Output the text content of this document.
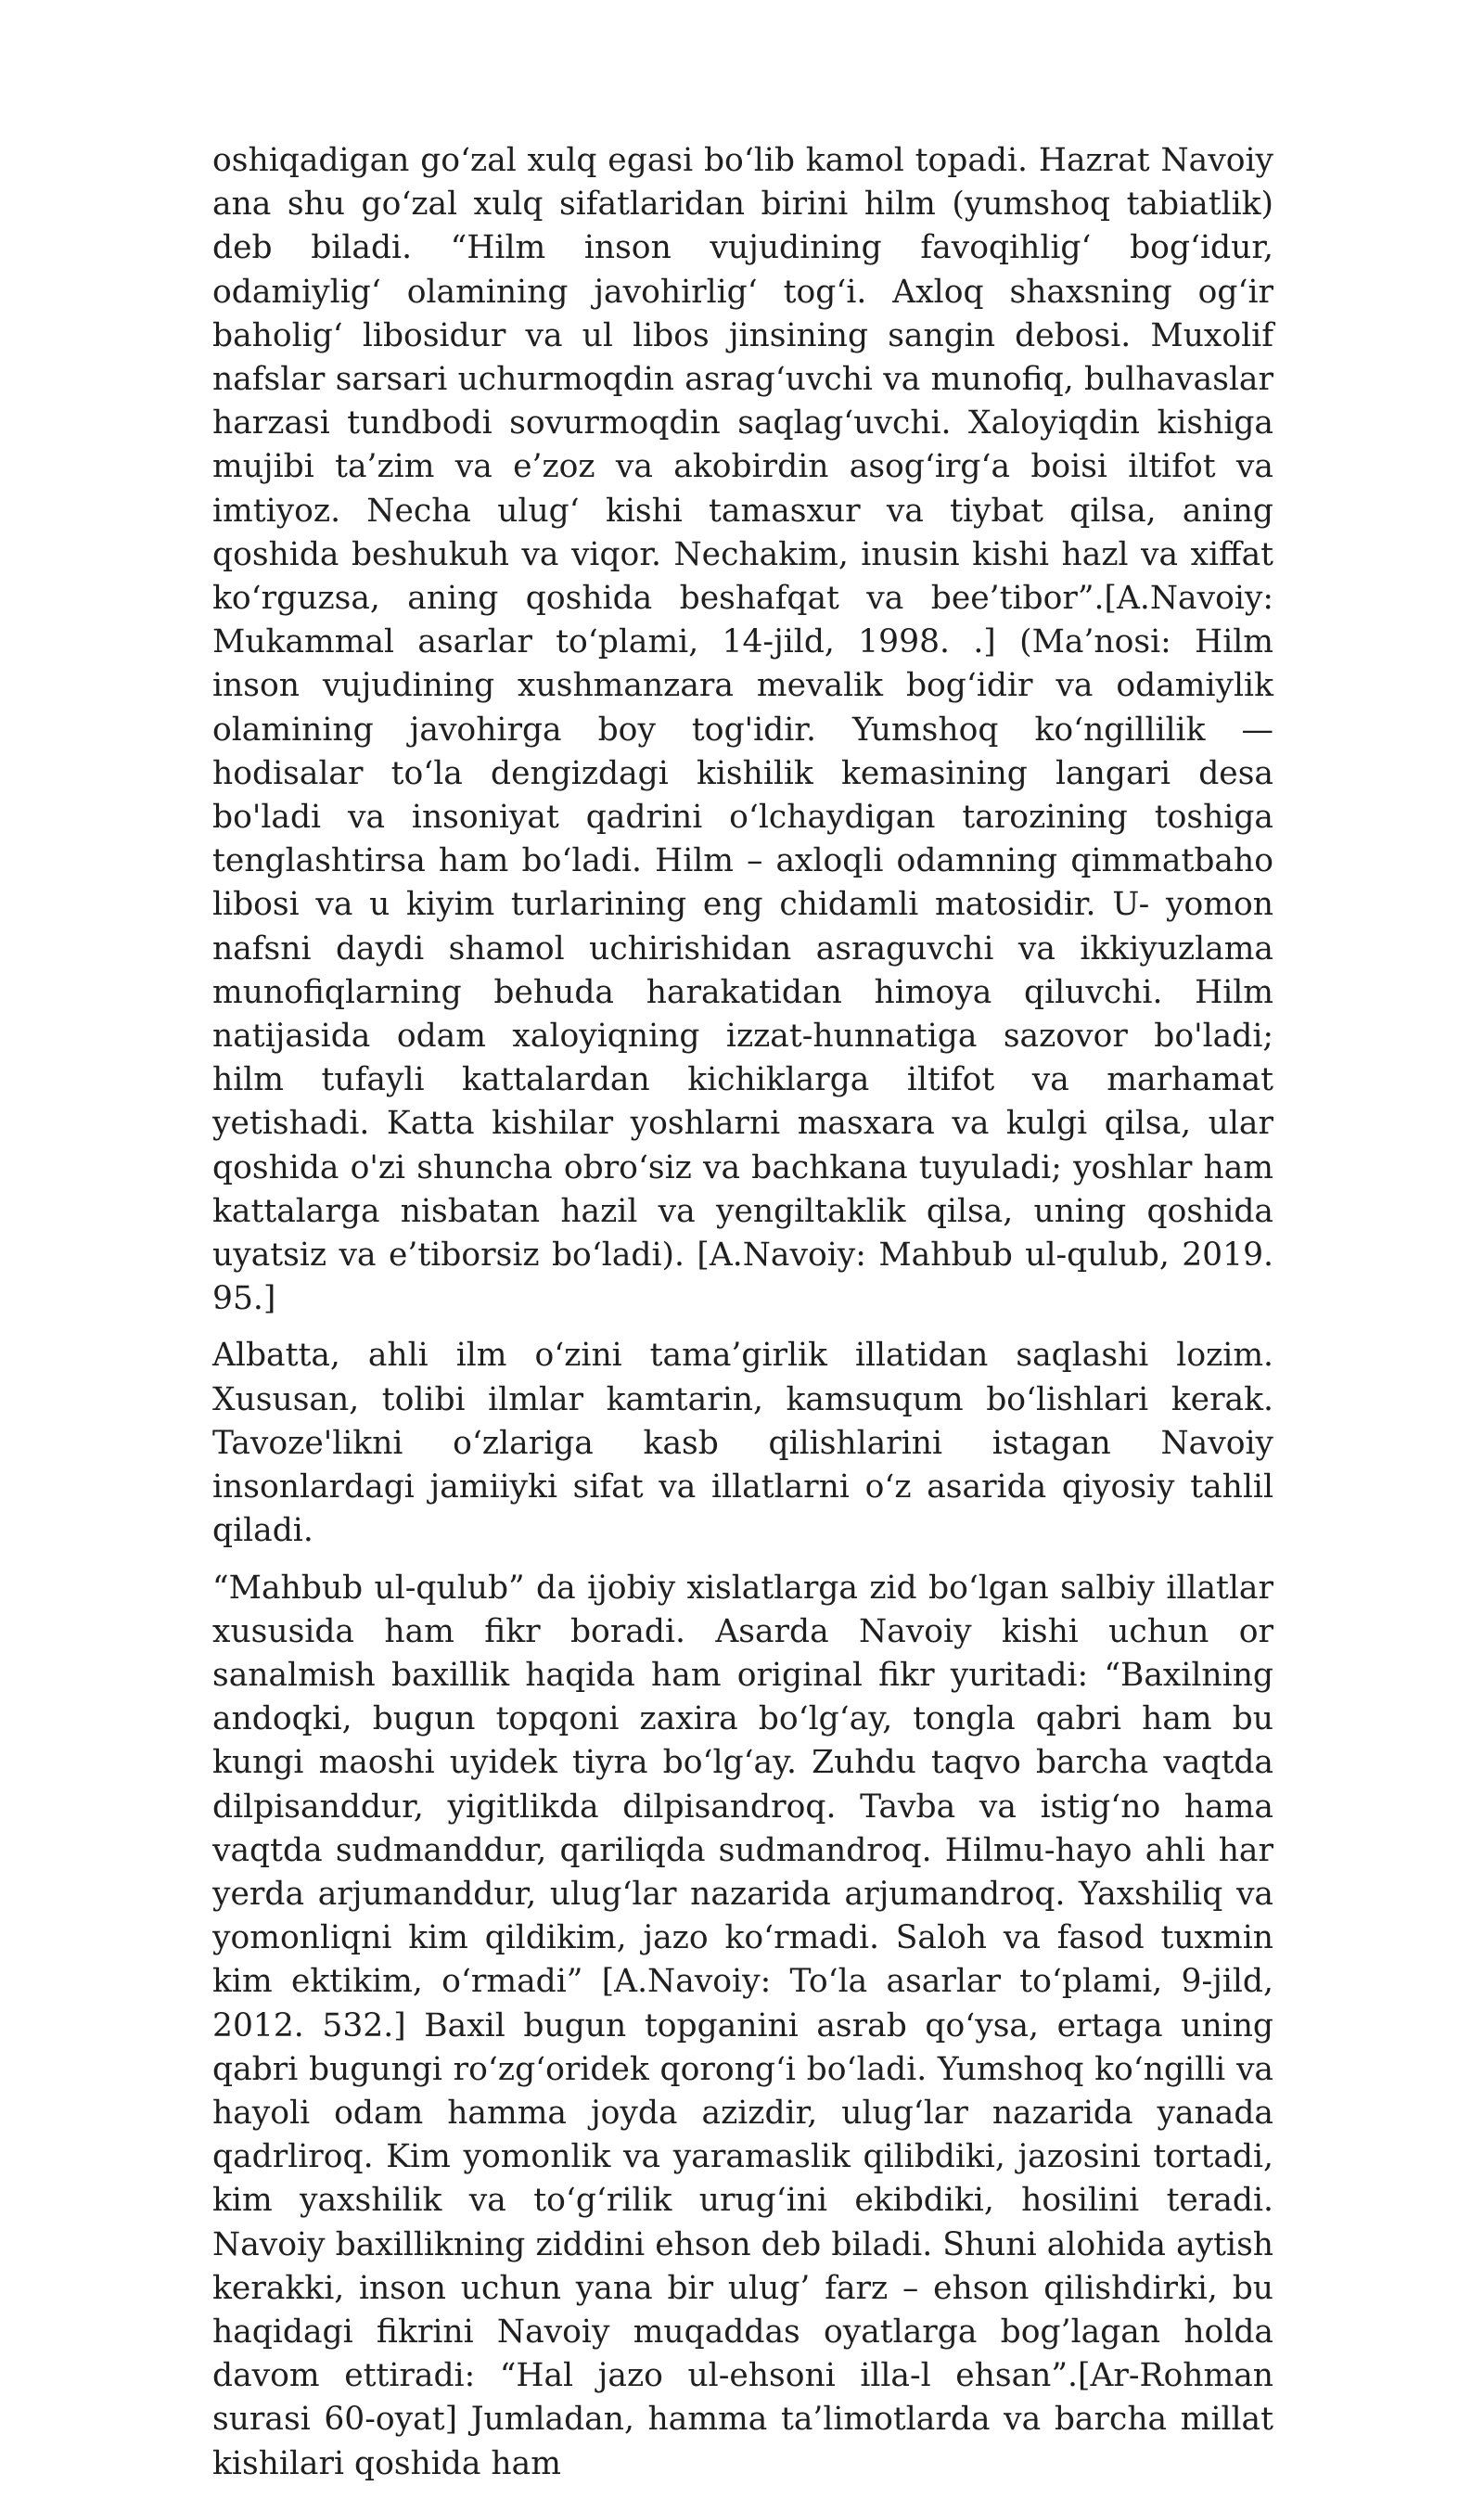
oshiqadigan go‘zal xulq egasi bo‘lib kamol topadi. Hazrat Navoiy ana shu go‘zal xulq sifatlaridan birini hilm (yumshoq tabiatlik) deb biladi. “Hilm inson vujudining favoqihlig‘ bog‘idur, odamiylig‘ olamining javohirlig‘ tog‘i. Axloq shaxsning og‘ir baholig‘ libosidur va ul libos jinsining sangin debosi. Muxolif nafslar sarsari uchurmoqdin asrag‘uvchi va munofiq, bulhavaslar harzasi tundbodi sovurmoqdin saqlag‘uvchi. Xaloyiqdin kishiga mujibi ta’zim va e’zoz va akobirdin asog‘irg‘a boisi iltifot va imtiyoz. Necha ulug‘ kishi tamasxur va tiybat qilsa, aning qoshida beshukuh va viqor. Nechakim, inusin kishi hazl va xiffat ko‘rguzsa, aning qoshida beshafqat va bee’tibor”.[A.Navoiy: Mukammal asarlar to‘plami, 14-jild, 1998. .] (Ma’nosi: Hilm inson vujudining xushmanzara mevalik bog‘idir va odamiylik olamining javohirga boy tog'idir. Yumshoq ko‘ngillilik — hodisalar to‘la dengizdagi kishilik kemasining langari desa bo'ladi va insoniyat qadrini o‘lchaydigan tarozining toshiga tenglashtirsa ham bo‘ladi. Hilm – axloqli odamning qimmatbaho libosi va u kiyim turlarining eng chidamli matosidir. U- yomon nafsni daydi shamol uchirishidan asraguvchi va ikkiyuzlama munofiqlarning behuda harakatidan himoya qiluvchi. Hilm natijasida odam xaloyiqning izzat-hunnatiga sazovor bo'ladi; hilm tufayli kattalardan kichiklarga iltifot va marhamat yetishadi. Katta kishilar yoshlarni masxara va kulgi qilsa, ular qoshida o'zi shuncha obro‘siz va bachkana tuyuladi; yoshlar ham kattalarga nisbatan hazil va yengiltaklik qilsa, uning qoshida uyatsiz va e’tiborsiz bo‘ladi). [A.Navoiy: Mahbub ul-qulub, 2019. 95.]

Albatta, ahli ilm o‘zini tama’girlik illatidan saqlashi lozim. Xususan, tolibi ilmlar kamtarin, kamsuqum bo‘lishlari kerak. Tavoze'likni o‘zlariga kasb qilishlarini istagan Navoiy insonlardagi jamiiyki sifat va illatlarni o‘z asarida qiyosiy tahlil qiladi.

“Mahbub ul-qulub” da ijobiy xislatlarga zid bo‘lgan salbiy illatlar xususida ham fikr boradi. Asarda Navoiy kishi uchun or sanalmish baxillik haqida ham original fikr yuritadi: “Baxilning andoqki, bugun topqoni zaxira bo‘lg‘ay, tongla qabri ham bu kungi maoshi uyidek tiyra bo‘lg‘ay. Zuhdu taqvo barcha vaqtda dilpisanddur, yigitlikda dilpisandroq. Tavba va istig‘no hama vaqtda sudmanddur, qariliqda sudmandroq. Hilmu-hayo ahli har yerda arjumanddur, ulug‘lar nazarida arjumandroq. Yaxshiliq va yomonliqni kim qildikim, jazo ko‘rmadi. Saloh va fasod tuxmin kim ektikim, o‘rmadi” [A.Navoiy: To‘la asarlar to‘plami, 9-jild, 2012. 532.] Baxil bugun topganini asrab qo‘ysa, ertaga uning qabri bugungi ro‘zg‘oridek qorong‘i bo‘ladi. Yumshoq ko‘ngilli va hayoli odam hamma joyda azizdir, ulug‘lar nazarida yanada qadrliroq. Kim yomonlik va yaramaslik qilibdiki, jazosini tortadi, kim yaxshilik va to‘g‘rilik urug‘ini ekibdiki, hosilini teradi. Navoiy baxillikning ziddini ehson deb biladi. Shuni alohida aytish kerakki, inson uchun yana bir ulug’ farz – ehson qilishdirki, bu haqidagi fikrini Navoiy muqaddas oyatlarga bog’lagan holda davom ettiradi: “Hal jazo ul-ehsoni illa-l ehsan”.[Ar-Rohman surasi 60-oyat] Jumladan, hamma ta’limotlarda va barcha millat kishilari qoshida ham
